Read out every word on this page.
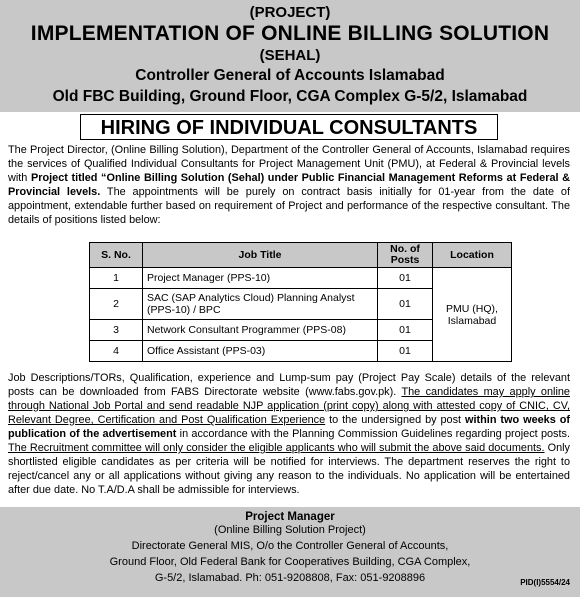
(PROJECT)
IMPLEMENTATION OF ONLINE BILLING SOLUTION
(SEHAL)
Controller General of Accounts Islamabad
Old FBC Building, Ground Floor, CGA Complex G-5/2, Islamabad
HIRING OF INDIVIDUAL CONSULTANTS
The Project Director, (Online Billing Solution), Department of the Controller General of Accounts, Islamabad requires the services of Qualified Individual Consultants for Project Management Unit (PMU), at Federal & Provincial levels with Project titled “Online Billing Solution (Sehal) under Public Financial Management Reforms at Federal & Provincial levels. The appointments will be purely on contract basis initially for 01-year from the date of appointment, extendable further based on requirement of Project and performance of the respective consultant. The details of positions listed below:
S. No.	Job Title	No. of Posts	Location
1	Project Manager (PPS-10)	01	PMU (HQ), Islamabad
2	SAC (SAP Analytics Cloud) Planning Analyst (PPS-10) / BPC	01	
3	Network Consultant Programmer (PPS-08)	01	
4	Office Assistant (PPS-03)	01	
Job Descriptions/TORs, Qualification, experience and Lump-sum pay (Project Pay Scale) details of the relevant posts can be downloaded from FABS Directorate website (www.fabs.gov.pk). The candidates may apply online through National Job Portal and send readable NJP application (print copy) along with attested copy of CNIC, CV, Relevant Degree, Certification and Post Qualification Experience to the undersigned by post within two weeks of publication of the advertisement in accordance with the Planning Commission Guidelines regarding project posts. The Recruitment committee will only consider the eligible applicants who will submit the above said documents. Only shortlisted eligible candidates as per criteria will be notified for interviews. The department reserves the right to reject/cancel any or all applications without giving any reason to the individuals. No application will be entertained after due date. No T.A/D.A shall be admissible for interviews.
Project Manager
(Online Billing Solution Project)
Directorate General MIS, O/o the Controller General of Accounts,
Ground Floor, Old Federal Bank for Cooperatives Building, CGA Complex,
G-5/2, Islamabad. Ph: 051-9208808, Fax: 051-9208896	PID(I)5554/24
